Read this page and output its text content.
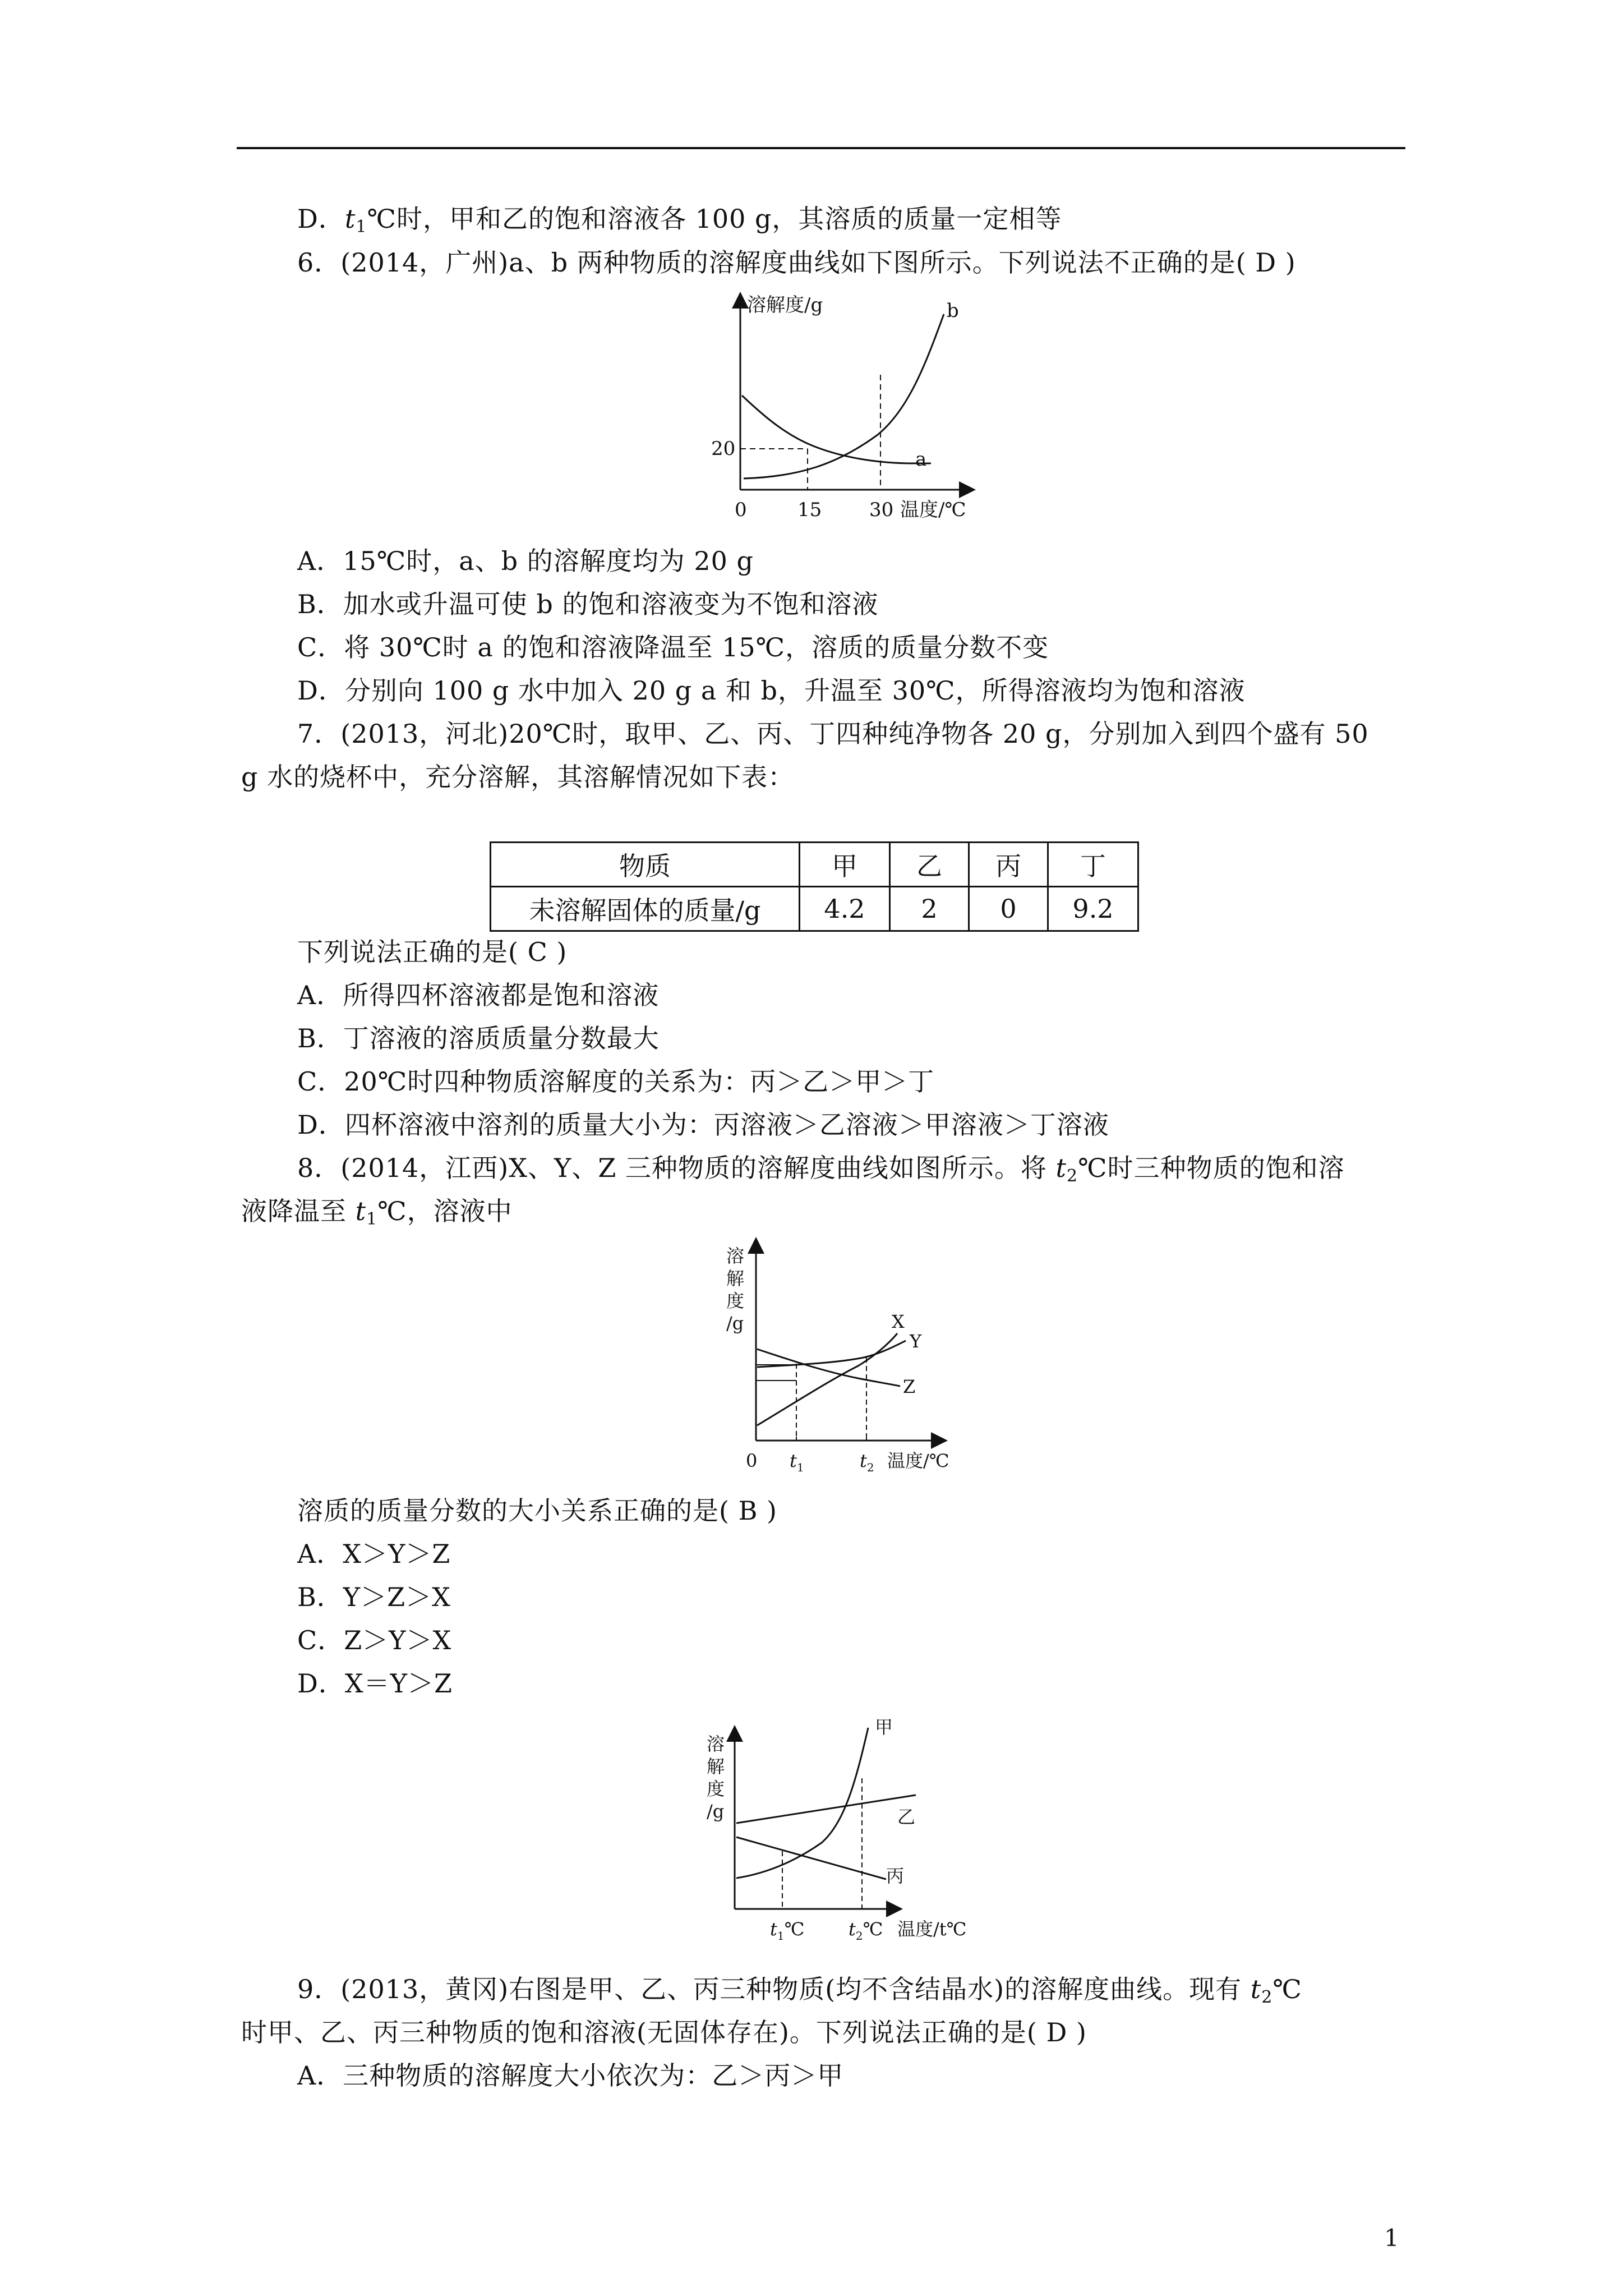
D．$t_1℃$时，甲和乙的饱和溶液各 100 g，其溶质的质量一定相等
6．(2014，广州)a、b 两种物质的溶解度曲线如下图所示。下列说法不正确的是( D )
溶解度/g	b
a
20
0	15 30 温度/℃
A．15℃时，a、b 的溶解度均为 20 g
B．加水或升温可使 b 的饱和溶液变为不饱和溶液
C．将 30℃时 a 的饱和溶液降温至 15℃，溶质的质量分数不变
D．分别向 100 g 水中加入 20 g a 和 b，升温至 30℃，所得溶液均为饱和溶液
7．(2013，河北)20℃时，取甲、乙、丙、丁四种纯净物各 20 g，分别加入到四个盛有 50
g 水的烧杯中，充分溶解，其溶解情况如下表：
物质	甲	乙	丙	丁
未溶解固体的质量/g	4.2	2	0	9.2
下列说法正确的是( C )
A．所得四杯溶液都是饱和溶液
B．丁溶液的溶质质量分数最大
C．20℃时四种物质溶解度的关系为：丙＞乙＞甲＞丁
D．四杯溶液中溶剂的质量大小为：丙溶液＞乙溶液＞甲溶液＞丁溶液
8．(2014，江西)X、Y、Z 三种物质的溶解度曲线如图所示。将 $t_2℃$时三种物质的饱和溶
液降温至 $t_1℃$，溶液中
溶
解
度
/g	X
Y
Z
0 $t_1$	$t_2$ 温度/℃
溶质的质量分数的大小关系正确的是( B )
A．X＞Y＞Z
B．Y＞Z＞X
C．Z＞Y＞X
D．X＝Y＞Z
溶
解
度
/g
甲
乙
丙
$t_1℃$ $t_2℃$ 温度/t℃
9．(2013，黄冈)右图是甲、乙、丙三种物质(均不含结晶水)的溶解度曲线。现有 $t_2℃$
时甲、乙、丙三种物质的饱和溶液(无固体存在)。下列说法正确的是( D )
A．三种物质的溶解度大小依次为：乙＞丙＞甲
1
